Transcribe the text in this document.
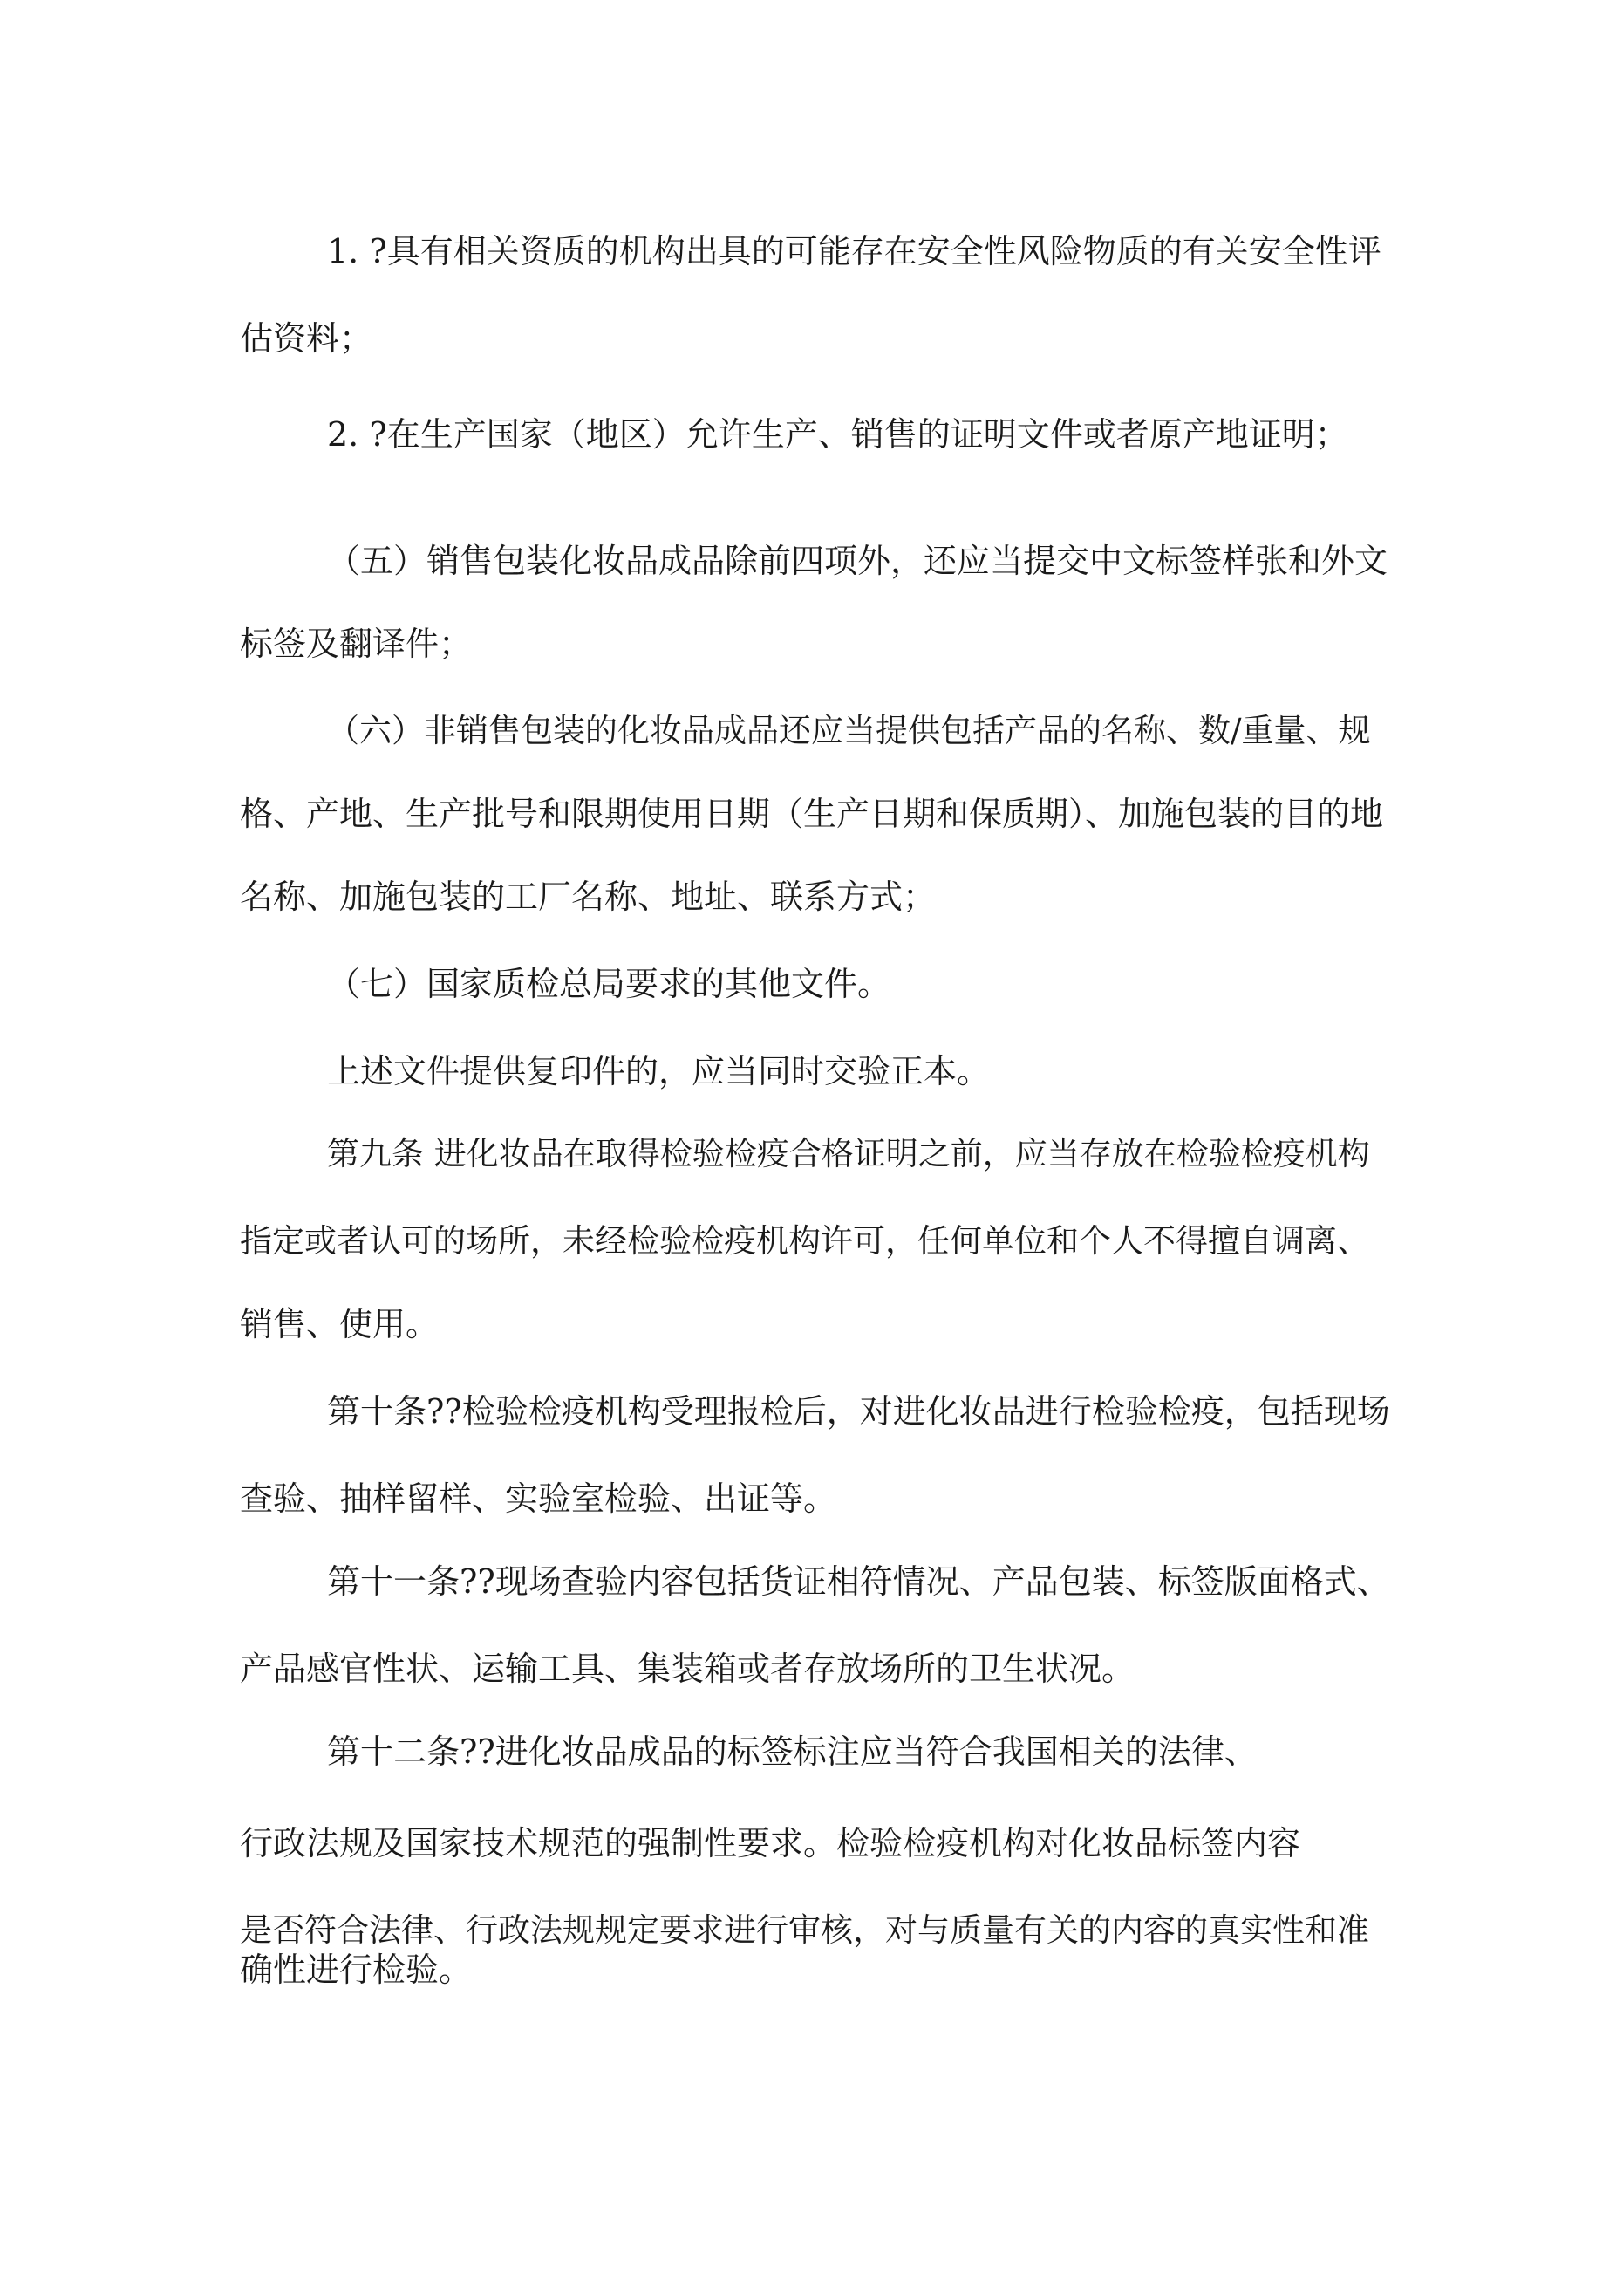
1. ?具有相关资质的机构出具的可能存在安全性风险物质的有关安全性评
估资料；
2. ?在生产国家（地区）允许生产、销售的证明文件或者原产地证明；
（五）销售包装化妆品成品除前四项外，还应当提交中文标签样张和外文
标签及翻译件；
（六）非销售包装的化妆品成品还应当提供包括产品的名称、数/重量、规
格、产地、生产批号和限期使用日期（生产日期和保质期）、加施包装的目的地
名称、加施包装的工厂名称、地址、联系方式；
（七）国家质检总局要求的其他文件。
上述文件提供复印件的，应当同时交验正本。
第九条 进化妆品在取得检验检疫合格证明之前，应当存放在检验检疫机构
指定或者认可的场所，未经检验检疫机构许可，任何单位和个人不得擅自调离、
销售、使用。
第十条??检验检疫机构受理报检后，对进化妆品进行检验检疫，包括现场
查验、抽样留样、实验室检验、出证等。
第十一条??现场查验内容包括货证相符情况、产品包装、标签版面格式、
产品感官性状、运输工具、集装箱或者存放场所的卫生状况。
第十二条??进化妆品成品的标签标注应当符合我国相关的法律、
行政法规及国家技术规范的强制性要求。检验检疫机构对化妆品标签内容
是否符合法律、行政法规规定要求进行审核，对与质量有关的内容的真实性和准
确性进行检验。
